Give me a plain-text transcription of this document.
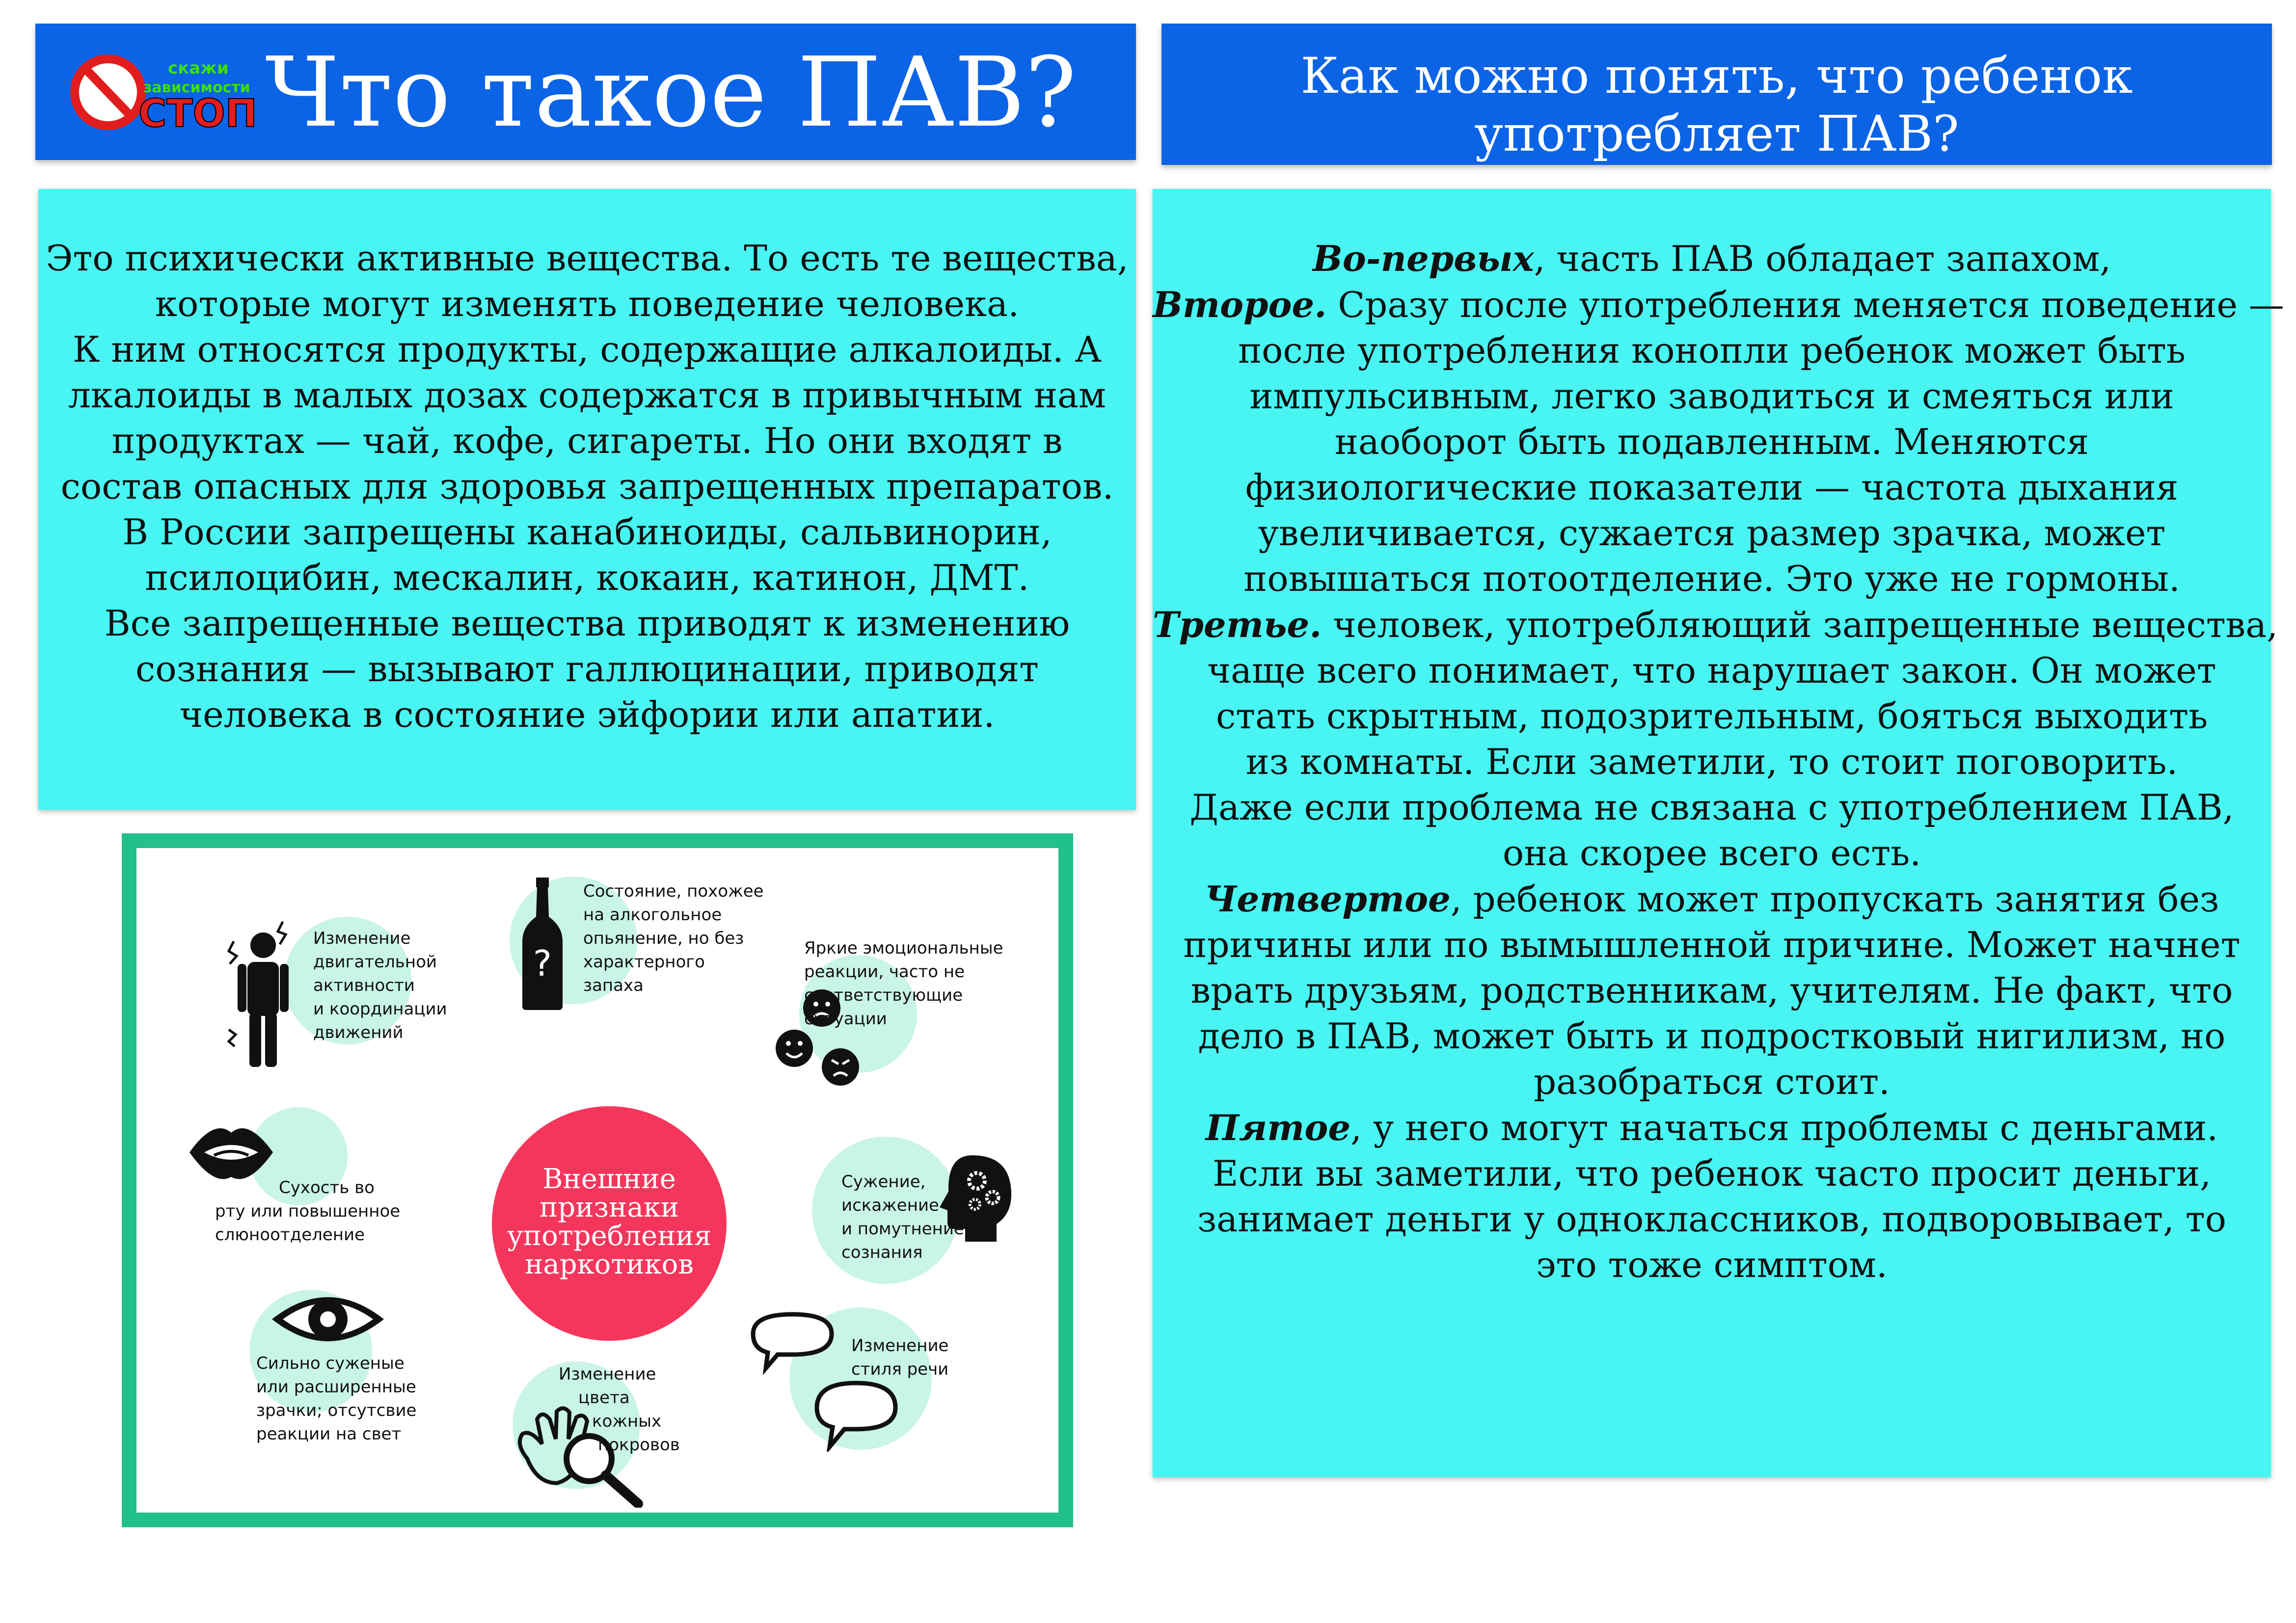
скажи
зависимости
СТОП Что такое ПАВ?	Как можно понять, что ребенок
употребляет ПАВ?
Это психически активные вещества. То есть те вещества,
которые могут изменять поведение человека.
К ним относятся продукты, содержащие алкалоиды. А
лкалоиды в малых дозах содержатся в привычным нам
продуктах — чай, кофе, сигареты. Но они входят в
состав опасных для здоровья запрещенных препаратов.
В России запрещены канабиноиды, сальвинорин,
псилоцибин, мескалин, кокаин, катинон, ДМТ.
Все запрещенные вещества приводят к изменению
сознания — вызывают галлюцинации, приводят
человека в состояние эйфории или апатии.
Во-первых, часть ПАВ обладает запахом,
Второе. Сразу после употребления меняется поведение —
после употребления конопли ребенок может быть
импульсивным, легко заводиться и смеяться или
наоборот быть подавленным. Меняются
физиологические показатели — частота дыхания
увеличивается, сужается размер зрачка, может
повышаться потоотделение. Это уже не гормоны.
Третье. человек, употребляющий запрещенные вещества,
чаще всего понимает, что нарушает закон. Он может
стать скрытным, подозрительным, бояться выходить
из комнаты. Если заметили, то стоит поговорить.
Даже если проблема не связана с употреблением ПАВ,
она скорее всего есть.
Четвертое, ребенок может пропускать занятия без
причины или по вымышленной причине. Может начнет
врать друзьям, родственникам, учителям. Не факт, что
дело в ПАВ, может быть и подростковый нигилизм, но
разобраться стоит.
Пятое, у него могут начаться проблемы с деньгами.
Если вы заметили, что ребенок часто просит деньги,
занимает деньги у одноклассников, подворовывает, то
это тоже симптом.
Изменение
двигательной
активности
и координации
движений
?
Состояние, похожее
на алкогольное
опьянение, но без
характерного
запаха
Яркие эмоциональные
реакции, часто не
соответствующие
ситуации
Сухость во
рту или повышенное
слюноотделение
Внешние
признаки
употребления
наркотиков
Сужение,
искажение
и помутнение
сознания
Сильно суженые
или расширенные
зрачки; отсутсвие
реакции на свет
Изменение
цвета
кожных
покровов
Изменение
стиля речи
